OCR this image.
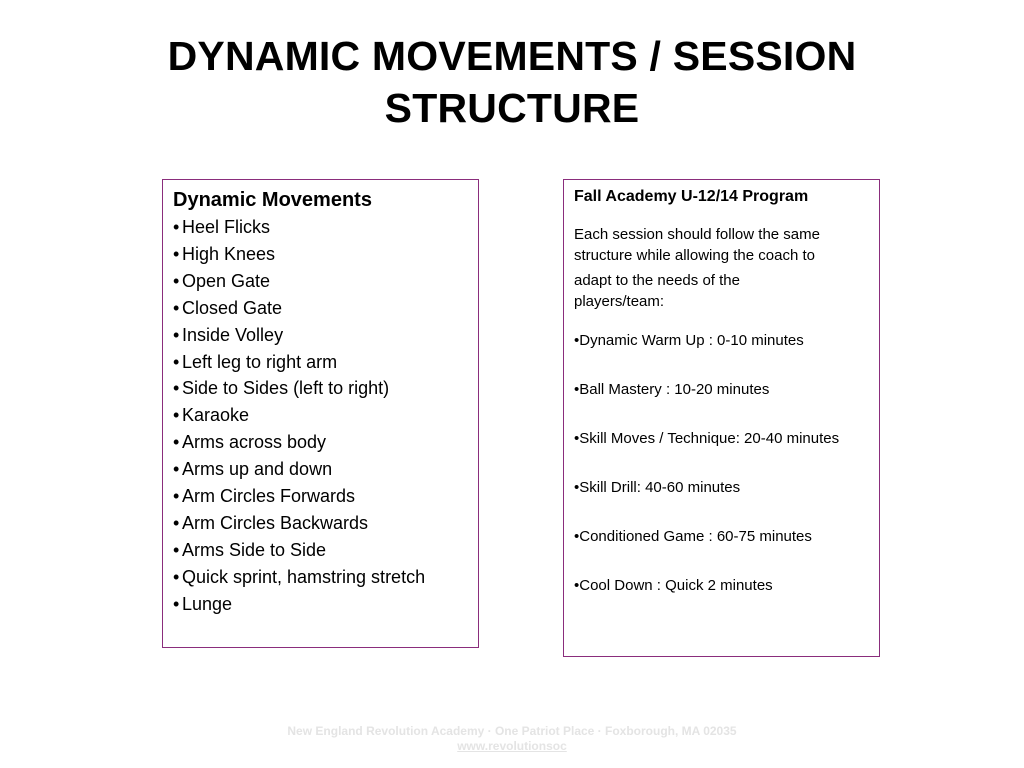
DYNAMIC MOVEMENTS / SESSION
STRUCTURE
Dynamic Movements
• Heel Flicks
• High Knees
• Open Gate
• Closed Gate
• Inside Volley
• Left leg to right arm
• Side to Sides (left to right)
• Karaoke
• Arms across body
• Arms up and down
• Arm Circles Forwards
• Arm Circles Backwards
• Arms Side to Side
• Quick sprint, hamstring stretch
• Lunge
Fall Academy U-12/14 Program
Each session should follow the same
structure while allowing the coach to
adapt to the needs of the
players/team:
•Dynamic Warm Up : 0-10 minutes
•Ball Mastery : 10-20 minutes
•Skill Moves / Technique: 20-40 minutes
•Skill Drill: 40-60 minutes
•Conditioned Game : 60-75 minutes
•Cool Down : Quick 2 minutes
New England Revolution Academy · One Patriot Place · Foxborough, MA 02035
www.revolutionsoc
